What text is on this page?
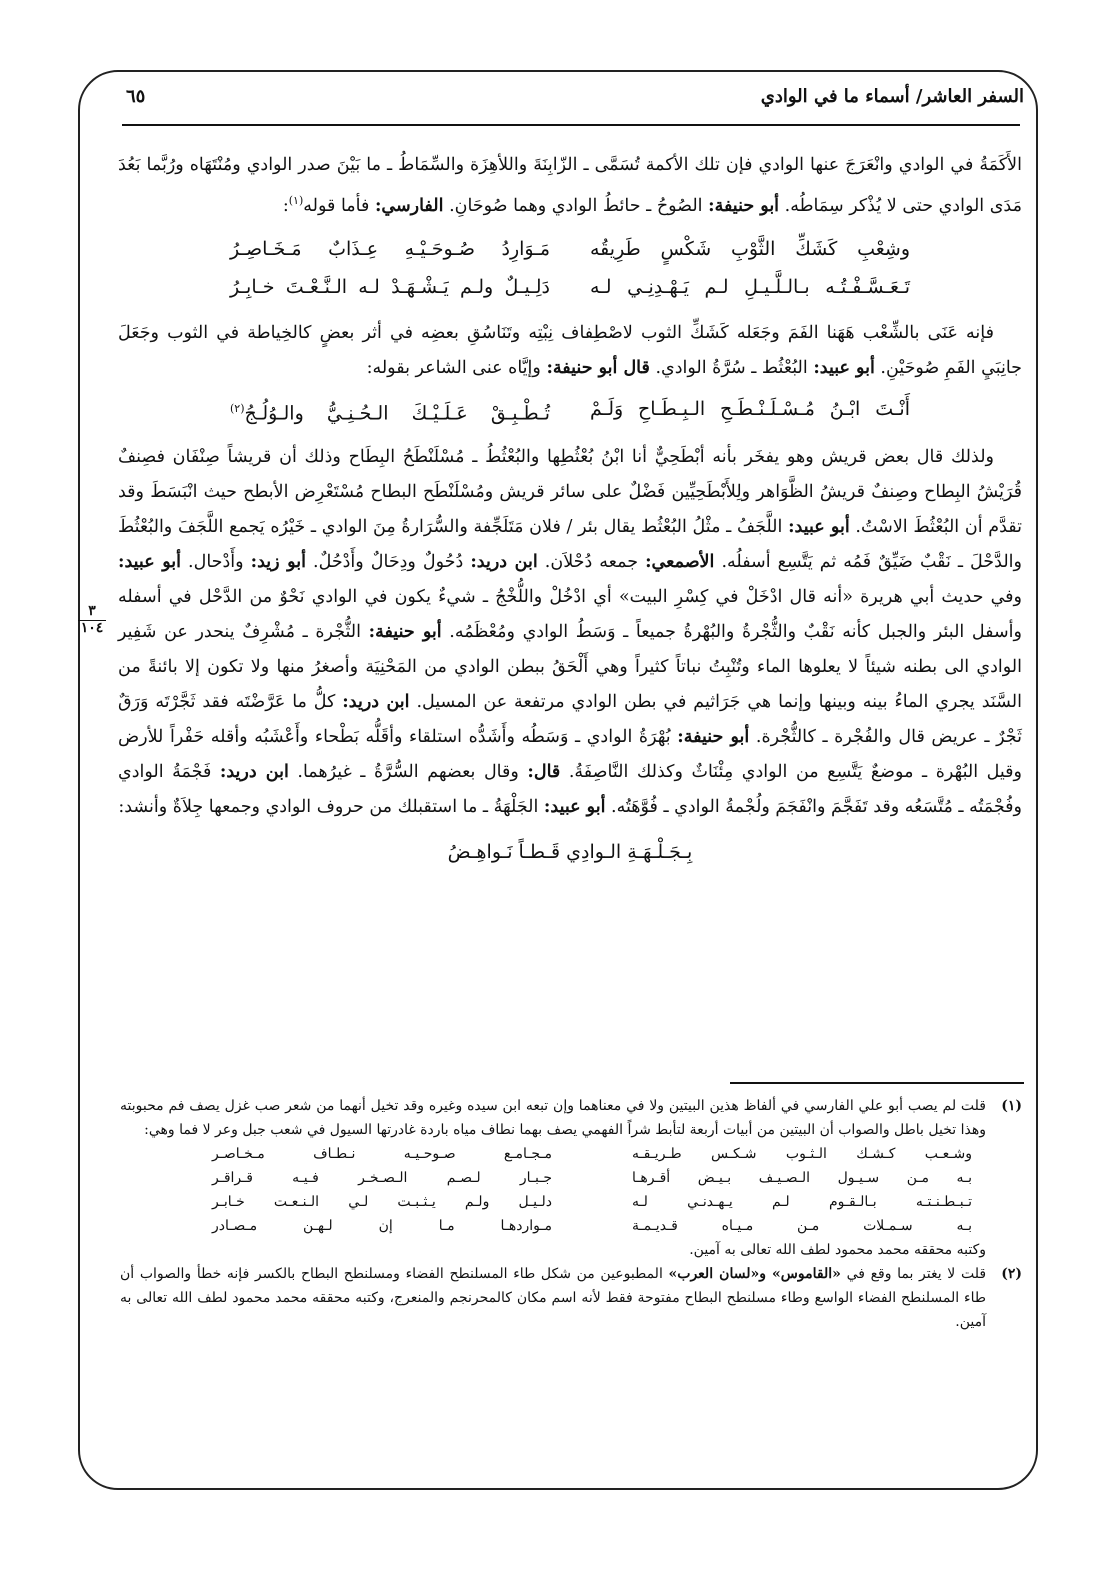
السفر العاشر/ أسماء ما في الوادي
٦٥
٣
١٠٤

الأَكَمَةُ في الوادي وانْعَرَجَ عنها الوادي فإن تلك الأكمة تُسَمَّى ـ الزّابِنَةَ واللأهِزَة والسِّمَاطُ ـ ما بَيْنَ صدر الوادي ومُنْتَهَاه ورُبَّما بَعُدَ مَدَى الوادي حتى لا يُذْكر سِمَاطُه. أبو حنيفة: الصُوحُ ـ حائطُ الوادي وهما صُوحَانِ. الفارسي: فأما قوله$^{(١)}$:

وشِعْبِ كَشَكِّ الثَّوْبِ شَكْسٍ طَرِيقُه
مَـوَارِدُ صُـوحَـيْـهِ عِـذَابٌ مَـخَـاصِـرُ
تَـعَـسَّـفْـتُـه بـالـلَّـيـلِ لـم يَـهْـدِنِـي لـه
دَلِـيـلٌ ولـم يَـشْـهَـدْ لـه الـنَّـعْـتَ خـابِـرُ

فإنه عَنَى بالشِّعْب هَهَنا الفَمَ وجَعَله كَشَكِّ الثوب لاصْطِفاف نِبْتِه وتَنَاسُقِ بعضِه في أثر بعضٍ كالخِياطة في الثوب وجَعَلَ جانِبَيِ الفَمِ صُوحَيْنِ. أبو عبيد: البُعْثُط ـ سُرَّةُ الوادي. قال أبو حنيفة: وإيَّاه عنى الشاعر بقوله:

أَنْـتَ ابْـنُ مُـسْـلَـنْـطَـحِ الـبِـطَـاحِ وَلَـمْ
تُـطْـبِـقْ عَـلَـيْـكَ الـحُـنِـيُّ والـوُلُـجُ$^{(٢)}$

ولذلك قال بعض قريش وهو يفخَر بأنه أبْطَحِيٌّ أنا ابْنُ بُعْثُطِها والبُعْثُطُ ـ مُسْلَنْطَحُ البِطَاح وذلك أن قريشاً صِنْفَان فصِنفٌ قُرَيْشُ البِطاح وصِنفٌ قريشُ الظَّوَاهر ولِلأَبْطَحِيِّين فَضْلٌ على سائر قريش ومُسْلَنْطَح البطاح مُسْتَعْرِض الأبطح حيث انْبَسَطَ وقد تقدَّم أن البُعْثُطَ الاسْتُ. أبو عبيد: اللَّجَفُ ـ مثْلُ البُعْثُط يقال بئر / فلان مَتَلَجِّفة والسُّرَارةُ مِنَ الوادي ـ خَيْرُه يَجمع اللَّجَفَ والبُعْثُطَ والدَّحْلَ ـ نَقْبٌ ضَيِّقٌ فَمُه ثم يَتَّسِع أسفلُه. الأصمعي: جمعه دُحْلاَن. ابن دريد: دُحُولٌ ودِحَالٌ وأَدْحُلٌ. أبو زيد: وأَدْحال. أبو عبيد: وفي حديث أبي هريرة «أنه قال ادْخَلْ في كِسْرِ البيت» أي ادْخُلْ واللُّخْجُ ـ شيءٌ يكون في الوادي نَحْوٌ من الدَّحْل في أسفله وأسفل البئر والجبل كأنه نَقْبٌ والثُّجْرةُ والبُهْرةُ جميعاً ـ وَسَطُ الوادي ومُعْظَمُه. أبو حنيفة: الثُّجْرة ـ مُشْرِفٌ ينحدر عن شَفِير الوادي الى بطنه شيئاً لا يعلوها الماء وتُنْبِتُ نباتاً كثيراً وهي أَلْحَقُ ببطن الوادي من المَحْنِيَة وأصغرُ منها ولا تكون إلا بائنةً من السَّنَد يجري الماءُ بينه وبينها وإنما هي جَرَاثيم في بطن الوادي مرتفعة عن المسيل. ابن دريد: كلُّ ما عَرَّضْتَه فقد ثَجَّرْتَه وَرَقٌ ثَجْرٌ ـ عريض قال والفُجْرة ـ كالثُّجْرة. أبو حنيفة: بُهْرَةُ الوادي ـ وَسَطُه وأَشَدُّه استلقاء وأقَلُّه بَطْحاء وأَعْشَبُه وأقله حَفْراً للأرض وقيل البُهْرة ـ موضعٌ يَتَّسِع من الوادي مِئْنَاثٌ وكذلك النَّاصِفَةُ. قال: وقال بعضهم السُّرَّةُ ـ غيرُهما. ابن دريد: فَجْمَةُ الوادي وفُجْمَتُه ـ مُتَّسَعُه وقد تَفَجَّمَ وانْفَجَمَ ولُجْمةُ الوادي ـ فُوَّهَتُه. أبو عبيد: الجَلْهَةُ ـ ما استقبلك من حروف الوادي وجمعها جِلاَةٌ وأنشد:

بِـجَـلْـهَـةِ الـوادِي قَـطـاً نَـواهِـضُ
(١)
قلت لم يصب أبو علي الفارسي في ألفاظ هذين البيتين ولا في معناهما وإن تبعه ابن سيده وغيره وقد تخيل أنهما من شعر صب غزل يصف فم محبوبته وهذا تخيل باطل والصواب أن البيتين من أبيات أربعة لتأبط شراً الفهمي يصف بهما نطاف مياه باردة غادرتها السيول في شعب جبل وعر لا فما وهي:
وشـعـب كـشـك الـثـوب شـكـس طـريـقـه
مـجـامـع صـوحـيـه نـطـاف مـخـاصـر
بـه مـن سـيـول الـصـيـف بـيـض أقـرهـا
جـبـار لـصـم الـصـخـر فـيـه قـراقـر
تـبـطـنـتـه بـالـقـوم لـم يـهـدنـي لـه
دلـيـل ولـم يـثـبـت لـي الـنـعـت خـابـر
بـه سـمـلات مـن مـيـاه قـديـمـة
مـواردهـا مـا إن لـهـن مـصـادر
وكتبه محققه محمد محمود لطف الله تعالى به آمين.
(٢)
قلت لا يغتر بما وقع في «القاموس» و«لسان العرب» المطبوعين من شكل طاء المسلنطح الفضاء ومسلنطح البطاح بالكسر فإنه خطأ والصواب أن طاء المسلنطح الفضاء الواسع وطاء مسلنطح البطاح مفتوحة فقط لأنه اسم مكان كالمحرنجم والمنعرج، وكتبه محققه محمد محمود لطف الله تعالى به آمين.
